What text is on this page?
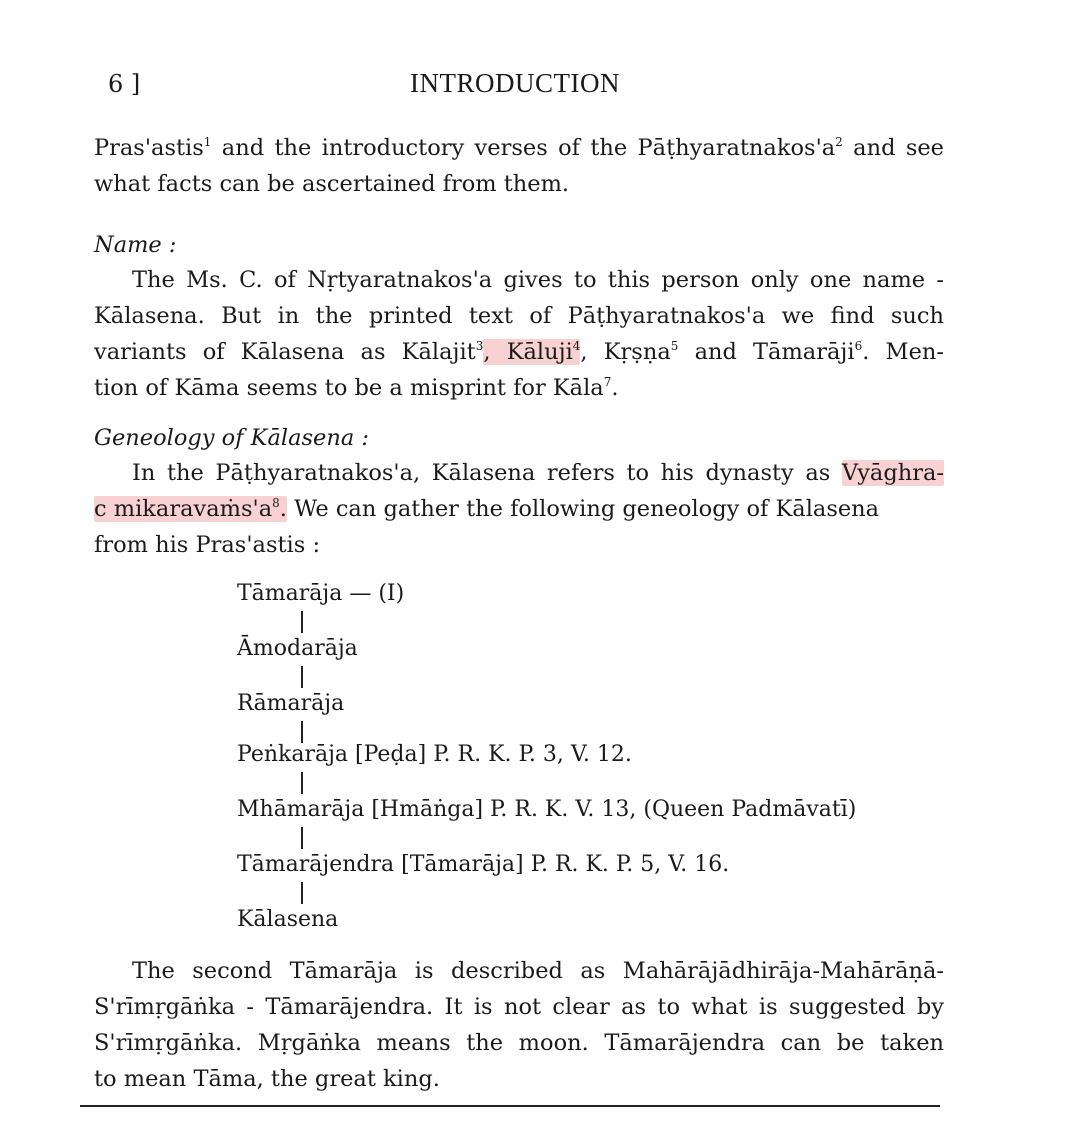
6 ]	INTRODUCTION
Pras'astis$^1$ and the introductory verses of the $Pāṭhyaratnakos'a^2$ and see
what facts can be ascertained from them.
Name :
The Ms. C. of Nṛtyaratnakos'a gives to this person only one name -
Kālasena. But in the printed text of Pāṭhyaratnakos'a we find such
variants of Kālasena as Kālajit$^3$, Kāluji$^4$, Kṛṣṇa$^5$ and Tāmarāji$^6$. Men-
tion of Kāma seems to be a misprint for Kāla$^7$.
Geneology of Kālasena :
In the Pāṭhyaratnakos'a, Kālasena refers to his dynasty as Vyāghra-
c $mikaravaṁs'a^8$. We can gather the following geneology of Kālasena
from his Pras'astis :
Tāmarāja — (I)
Āmodarāja
Rāmarāja
Peṅkarāja [Peḍa] P. R. K. P. 3, V. 12.
Mhāmarāja [Hmāṅga] P. R. K. V. 13, (Queen Padmāvatī)
Tāmarājendra [Tāmarāja] P. R. K. P. 5, V. 16.
Kālasena
The second Tāmarāja is described as Mahārājādhirāja-Mahārāṇā-
S'rīmṛgāṅka - Tāmarājendra. It is not clear as to what is suggested by
S'rīmṛgāṅka. Mṛgāṅka means the moon. Tāmarājendra can be taken
to mean Tāma, the great king.
